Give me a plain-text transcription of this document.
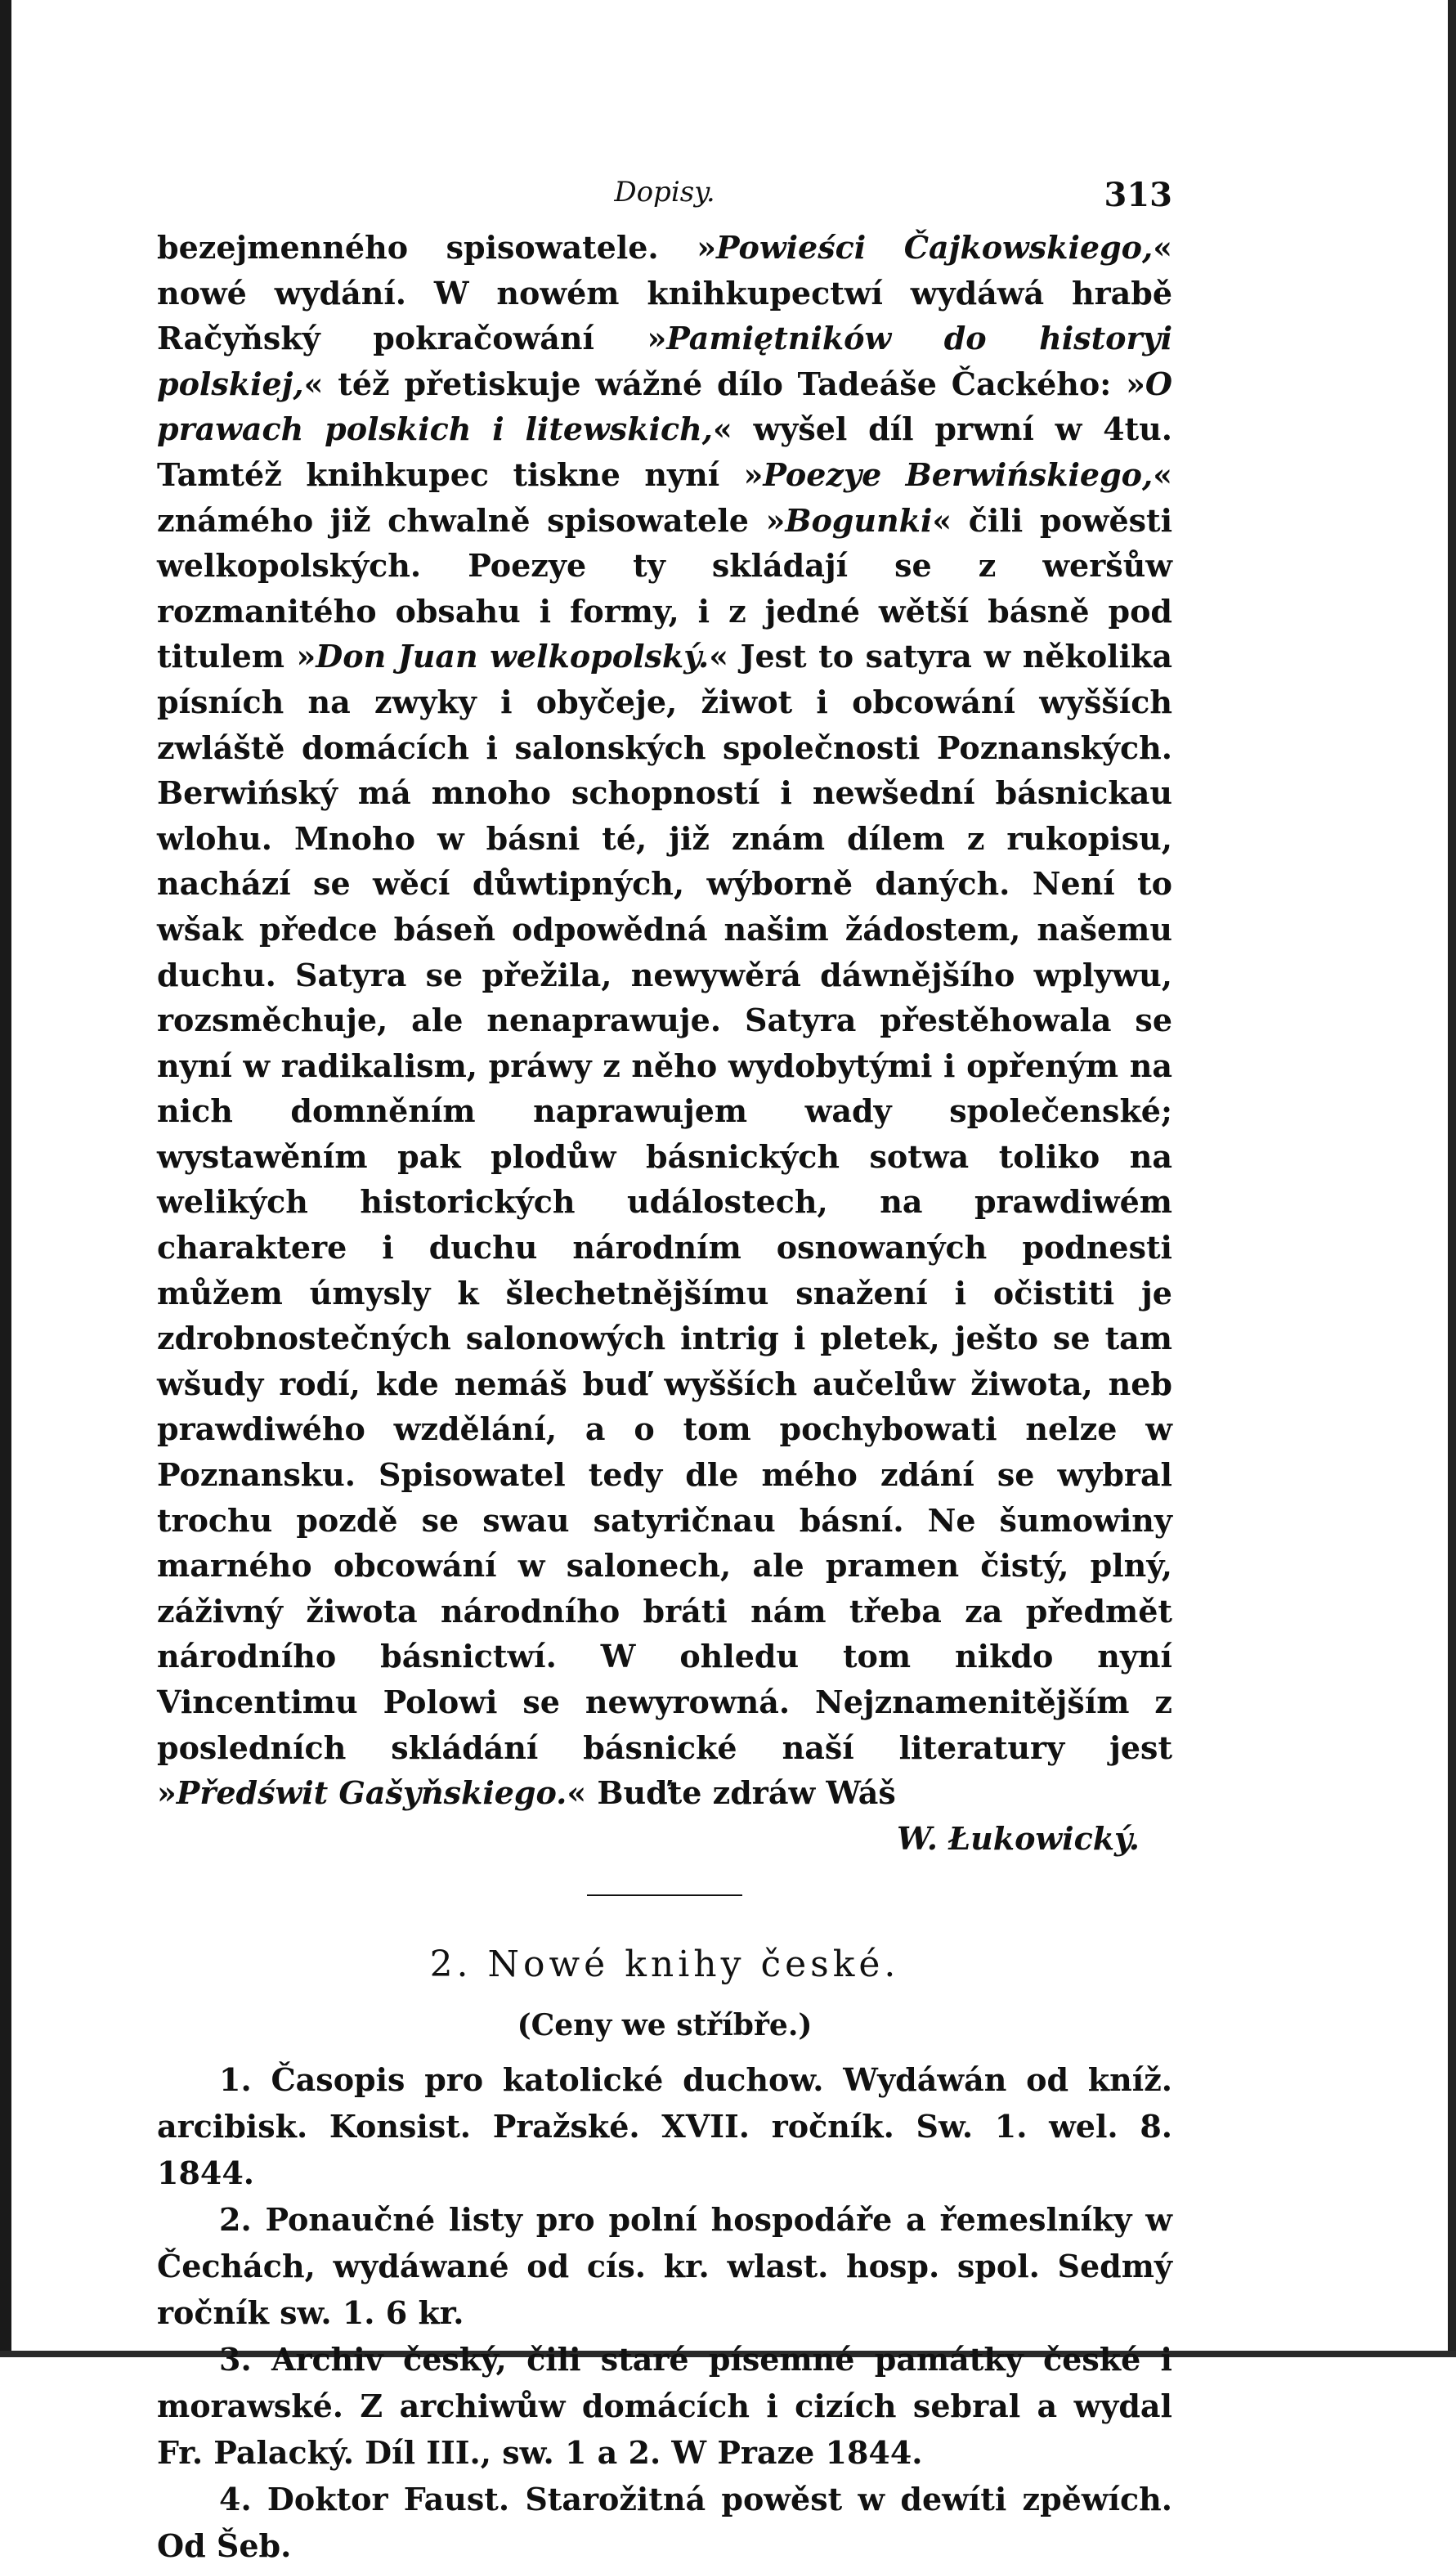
Dopisy.	313

bezejmenného spisowatele. »Powieści Čajkowskiego,« nowé wydání. W nowém knihkupectwí wydáwá hrabě Račyňský pokračowání »Pamiętników do historyi polskiej,« též přetiskuje wážné dílo Tadeáše Čackého: »O prawach polskich i litewskich,« wyšel díl prwní w 4tu. Tamtéž knihkupec tiskne nyní »Poezye Berwińskiego,« známého již chwalně spisowatele »Bogunki« čili powěsti welkopolských. Poezye ty skládají se z weršůw rozmanitého obsahu i formy, i z jedné wětší básně pod titulem »Don Juan welkopolský.« Jest to satyra w několika písních na zwyky i obyčeje, žiwot i obcowání wyšších zwláště domácích i salonských společnosti Poznanských. Berwińský má mnoho schopností i newšední básnickau wlohu. Mnoho w básni té, již znám dílem z rukopisu, nachází se wěcí důwtipných, wýborně daných. Není to wšak předce báseň odpowědná našim žádostem, našemu duchu. Satyra se přežila, newywěrá dáwnějšího wplywu, rozsměchuje, ale nenaprawuje. Satyra přestěhowala se nyní w radikalism, práwy z něho wydobytými i opřeným na nich domněním naprawujem wady společenské; wystawěním pak plodůw básnických sotwa toliko na welikých historických událostech, na prawdiwém charaktere i duchu národním osnowaných podnesti můžem úmysly k šlechetnějšímu snažení i očistiti je zdrobnostečných salonowých intrig i pletek, ješto se tam wšudy rodí, kde nemáš buď wyšších aučelůw žiwota, neb prawdiwého wzdělání, a o tom pochybowati nelze w Poznansku. Spisowatel tedy dle mého zdání se wybral trochu pozdě se swau satyričnau básní. Ne šumowiny marného obcowání w salonech, ale pramen čistý, plný, záživný žiwota národního bráti nám třeba za předmět národního básnictwí. W ohledu tom nikdo nyní Vincentimu Polowi se newyrowná. Nejznamenitějším z posledních skládání básnické naší literatury jest »Předświt Gašyňskiego.« Buďte zdráw Wáš

W. Łukowický.
2. Nowé knihy české.
(Ceny we stříbře.)

1. Časopis pro katolické duchow. Wydáwán od kníž. arcibisk. Konsist. Pražské. XVII. ročník. Sw. 1. wel. 8. 1844.

2. Ponaučné listy pro polní hospodáře a řemeslníky w Čechách, wydáwané od cís. kr. wlast. hosp. spol. Sedmý ročník sw. 1. 6 kr.

3. Archiv český, čili staré písemné památky české i morawské. Z archiwůw domácích i cizích sebral a wydal Fr. Palacký. Díl III., sw. 1 a 2. W Praze 1844.

4. Doktor Faust. Starožitná powěst w dewíti zpěwích. Od Šeb.
